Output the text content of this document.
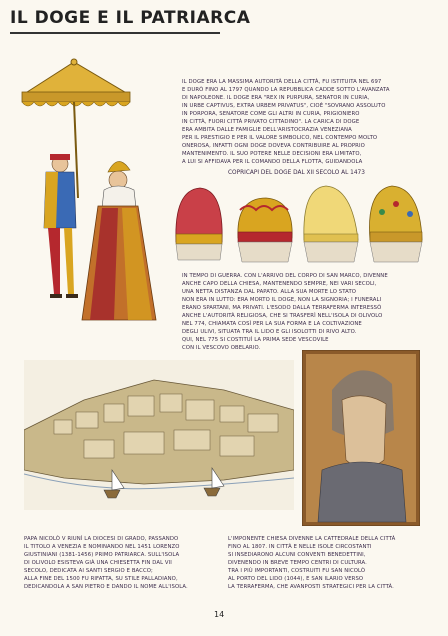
IL DOGE E IL PATRIARCA

IL DOGE ERA LA MASSIMA AUTORITÀ DELLA CITTÀ, FU ISTITUITA NEL 697

E DURÒ FINO AL 1797 QUANDO LA REPUBBLICA CADDE SOTTO L'AVANZATA

DI NAPOLEONE. IL DOGE ERA "REX IN PURPURA, SENATOR IN CURIA,

IN URBE CAPTIVUS, EXTRA URBEM PRIVATUS", CIOÈ "SOVRANO ASSOLUTO

IN PORPORA, SENATORE COME GLI ALTRI IN CURIA, PRIGIONIERO

IN CITTÀ, FUORI CITTÀ PRIVATO CITTADINO". LA CARICA DI DOGE

ERA AMBITA DALLE FAMIGLIE DELL'ARISTOCRAZIA VENEZIANA

PER IL PRESTIGIO E PER IL VALORE SIMBOLICO, NEL CONTEMPO MOLTO

ONEROSA, INFATTI OGNI DOGE DOVEVA CONTRIBUIRE AL PROPRIO

MANTENIMENTO. IL SUO POTERE NELLE DECISIONI ERA LIMITATO,

A LUI SI AFFIDAVA PER IL COMANDO DELLA FLOTTA, GUIDANDOLA

COPRICAPI DEL DOGE DAL XII SECOLO AL 1473

IN TEMPO DI GUERRA. CON L'ARRIVO DEL CORPO DI SAN MARCO, DIVENNE

ANCHE CAPO DELLA CHIESA, MANTENENDO SEMPRE, NEI VARI SECOLI,

UNA NETTA DISTANZA DAL PAPATO. ALLA SUA MORTE LO STATO

NON ERA IN LUTTO: ERA MORTO IL DOGE, NON LA SIGNORIA; I FUNERALI

ERANO SPARTANI, MA PRIVATI. L'ESODO DALLA TERRAFERMA INTERESSÒ

ANCHE L'AUTORITÀ RELIGIOSA, CHE SI TRASFERÌ NELL'ISOLA DI OLIVOLO

NEL 774, CHIAMATA COSÌ PER LA SUA FORMA E LA COLTIVAZIONE

DEGLI ULIVI, SITUATA TRA IL LIDO E GLI ISOLOTTI DI RIVO ALTO.

QUI, NEL 775 SI COSTITUÌ LA PRIMA SEDE VESCOVILE

CON IL VESCOVO OBELARIO.

PAPA NICOLÒ V RIUNÌ LA DIOCESI DI GRADO, PASSANDO

IL TITOLO A VENEZIA E NOMINANDO NEL 1451 LORENZO

GIUSTINIANI (1381-1456) PRIMO PATRIARCA. SULL'ISOLA

DI OLIVOLO ESISTEVA GIÀ UNA CHIESETTA FIN DAL VII

SECOLO, DEDICATA AI SANTI SERGIO E BACCO;

ALLA FINE DEL 1500 FU RIFATTA, SU STILE PALLADIANO,

DEDICANDOLA A SAN PIETRO E DANDO IL NOME ALL'ISOLA.

L'IMPONENTE CHIESA DIVENNE LA CATTEDRALE DELLA CITTÀ

FINO AL 1807. IN CITTÀ E NELLE ISOLE CIRCOSTANTI

SI INSEDIARONO ALCUNI CONVENTI BENEDETTINI,

DIVENENDO IN BREVE TEMPO CENTRI DI CULTURA.

TRA I PIÙ IMPORTANTI, COSTRUITI FU SAN NICOLÒ

AL PORTO DEL LIDO (1044), E SAN ILARIO VERSO

LA TERRAFERMA, CHE AVANPOSTI STRATEGICI PER LA CITTÀ.

14
